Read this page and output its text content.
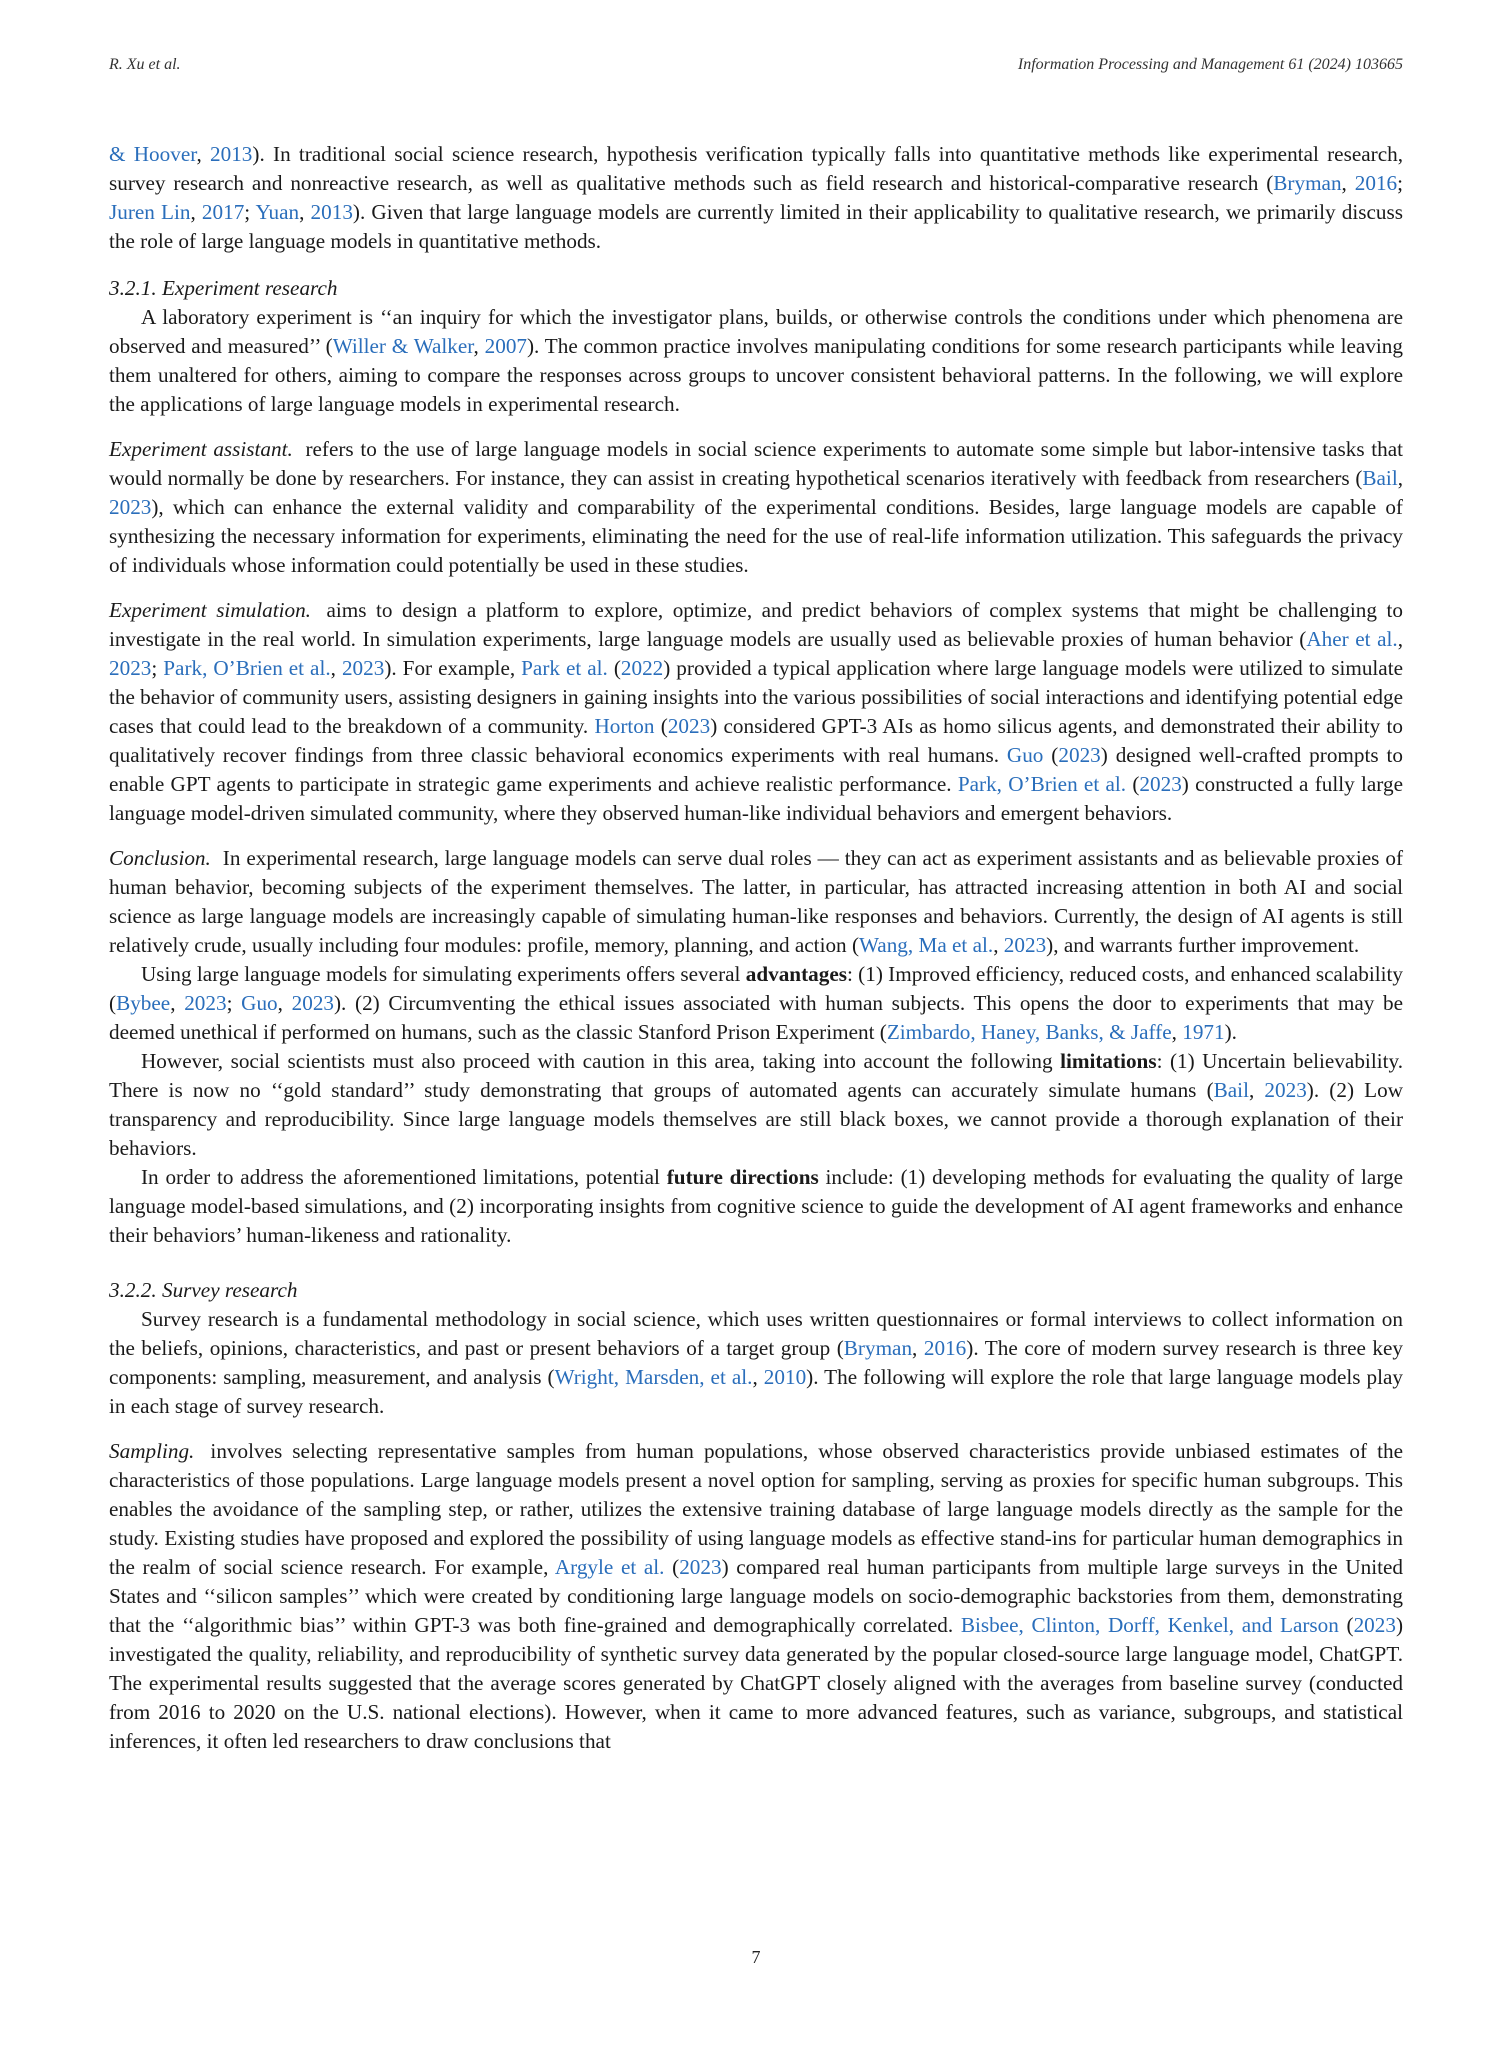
R. Xu et al.	Information Processing and Management 61 (2024) 103665

& Hoover, 2013). In traditional social science research, hypothesis verification typically falls into quantitative methods like experimental research, survey research and nonreactive research, as well as qualitative methods such as field research and historical-comparative research (Bryman, 2016; Juren Lin, 2017; Yuan, 2013). Given that large language models are currently limited in their applicability to qualitative research, we primarily discuss the role of large language models in quantitative methods.

3.2.1. Experiment research

A laboratory experiment is ‘‘an inquiry for which the investigator plans, builds, or otherwise controls the conditions under which phenomena are observed and measured’’ (Willer & Walker, 2007). The common practice involves manipulating conditions for some research participants while leaving them unaltered for others, aiming to compare the responses across groups to uncover consistent behavioral patterns. In the following, we will explore the applications of large language models in experimental research.

Experiment assistant. refers to the use of large language models in social science experiments to automate some simple but labor-intensive tasks that would normally be done by researchers. For instance, they can assist in creating hypothetical scenarios iteratively with feedback from researchers (Bail, 2023), which can enhance the external validity and comparability of the experimental conditions. Besides, large language models are capable of synthesizing the necessary information for experiments, eliminating the need for the use of real-life information utilization. This safeguards the privacy of individuals whose information could potentially be used in these studies.

Experiment simulation. aims to design a platform to explore, optimize, and predict behaviors of complex systems that might be challenging to investigate in the real world. In simulation experiments, large language models are usually used as believable proxies of human behavior (Aher et al., 2023; Park, O’Brien et al., 2023). For example, Park et al. (2022) provided a typical application where large language models were utilized to simulate the behavior of community users, assisting designers in gaining insights into the various possibilities of social interactions and identifying potential edge cases that could lead to the breakdown of a community. Horton (2023) considered GPT-3 AIs as homo silicus agents, and demonstrated their ability to qualitatively recover findings from three classic behavioral economics experiments with real humans. Guo (2023) designed well-crafted prompts to enable GPT agents to participate in strategic game experiments and achieve realistic performance. Park, O’Brien et al. (2023) constructed a fully large language model-driven simulated community, where they observed human-like individual behaviors and emergent behaviors.

Conclusion. In experimental research, large language models can serve dual roles — they can act as experiment assistants and as believable proxies of human behavior, becoming subjects of the experiment themselves. The latter, in particular, has attracted increasing attention in both AI and social science as large language models are increasingly capable of simulating human-like responses and behaviors. Currently, the design of AI agents is still relatively crude, usually including four modules: profile, memory, planning, and action (Wang, Ma et al., 2023), and warrants further improvement.

Using large language models for simulating experiments offers several advantages: (1) Improved efficiency, reduced costs, and enhanced scalability (Bybee, 2023; Guo, 2023). (2) Circumventing the ethical issues associated with human subjects. This opens the door to experiments that may be deemed unethical if performed on humans, such as the classic Stanford Prison Experiment (Zimbardo, Haney, Banks, & Jaffe, 1971).

However, social scientists must also proceed with caution in this area, taking into account the following limitations: (1) Uncertain believability. There is now no ‘‘gold standard’’ study demonstrating that groups of automated agents can accurately simulate humans (Bail, 2023). (2) Low transparency and reproducibility. Since large language models themselves are still black boxes, we cannot provide a thorough explanation of their behaviors.

In order to address the aforementioned limitations, potential future directions include: (1) developing methods for evaluating the quality of large language model-based simulations, and (2) incorporating insights from cognitive science to guide the development of AI agent frameworks and enhance their behaviors’ human-likeness and rationality.

3.2.2. Survey research

Survey research is a fundamental methodology in social science, which uses written questionnaires or formal interviews to collect information on the beliefs, opinions, characteristics, and past or present behaviors of a target group (Bryman, 2016). The core of modern survey research is three key components: sampling, measurement, and analysis (Wright, Marsden, et al., 2010). The following will explore the role that large language models play in each stage of survey research.

Sampling. involves selecting representative samples from human populations, whose observed characteristics provide unbiased estimates of the characteristics of those populations. Large language models present a novel option for sampling, serving as proxies for specific human subgroups. This enables the avoidance of the sampling step, or rather, utilizes the extensive training database of large language models directly as the sample for the study. Existing studies have proposed and explored the possibility of using language models as effective stand-ins for particular human demographics in the realm of social science research. For example, Argyle et al. (2023) compared real human participants from multiple large surveys in the United States and ‘‘silicon samples’’ which were created by conditioning large language models on socio-demographic backstories from them, demonstrating that the ‘‘algorithmic bias’’ within GPT-3 was both fine-grained and demographically correlated. Bisbee, Clinton, Dorff, Kenkel, and Larson (2023) investigated the quality, reliability, and reproducibility of synthetic survey data generated by the popular closed-source large language model, ChatGPT. The experimental results suggested that the average scores generated by ChatGPT closely aligned with the averages from baseline survey (conducted from 2016 to 2020 on the U.S. national elections). However, when it came to more advanced features, such as variance, subgroups, and statistical inferences, it often led researchers to draw conclusions that

7
